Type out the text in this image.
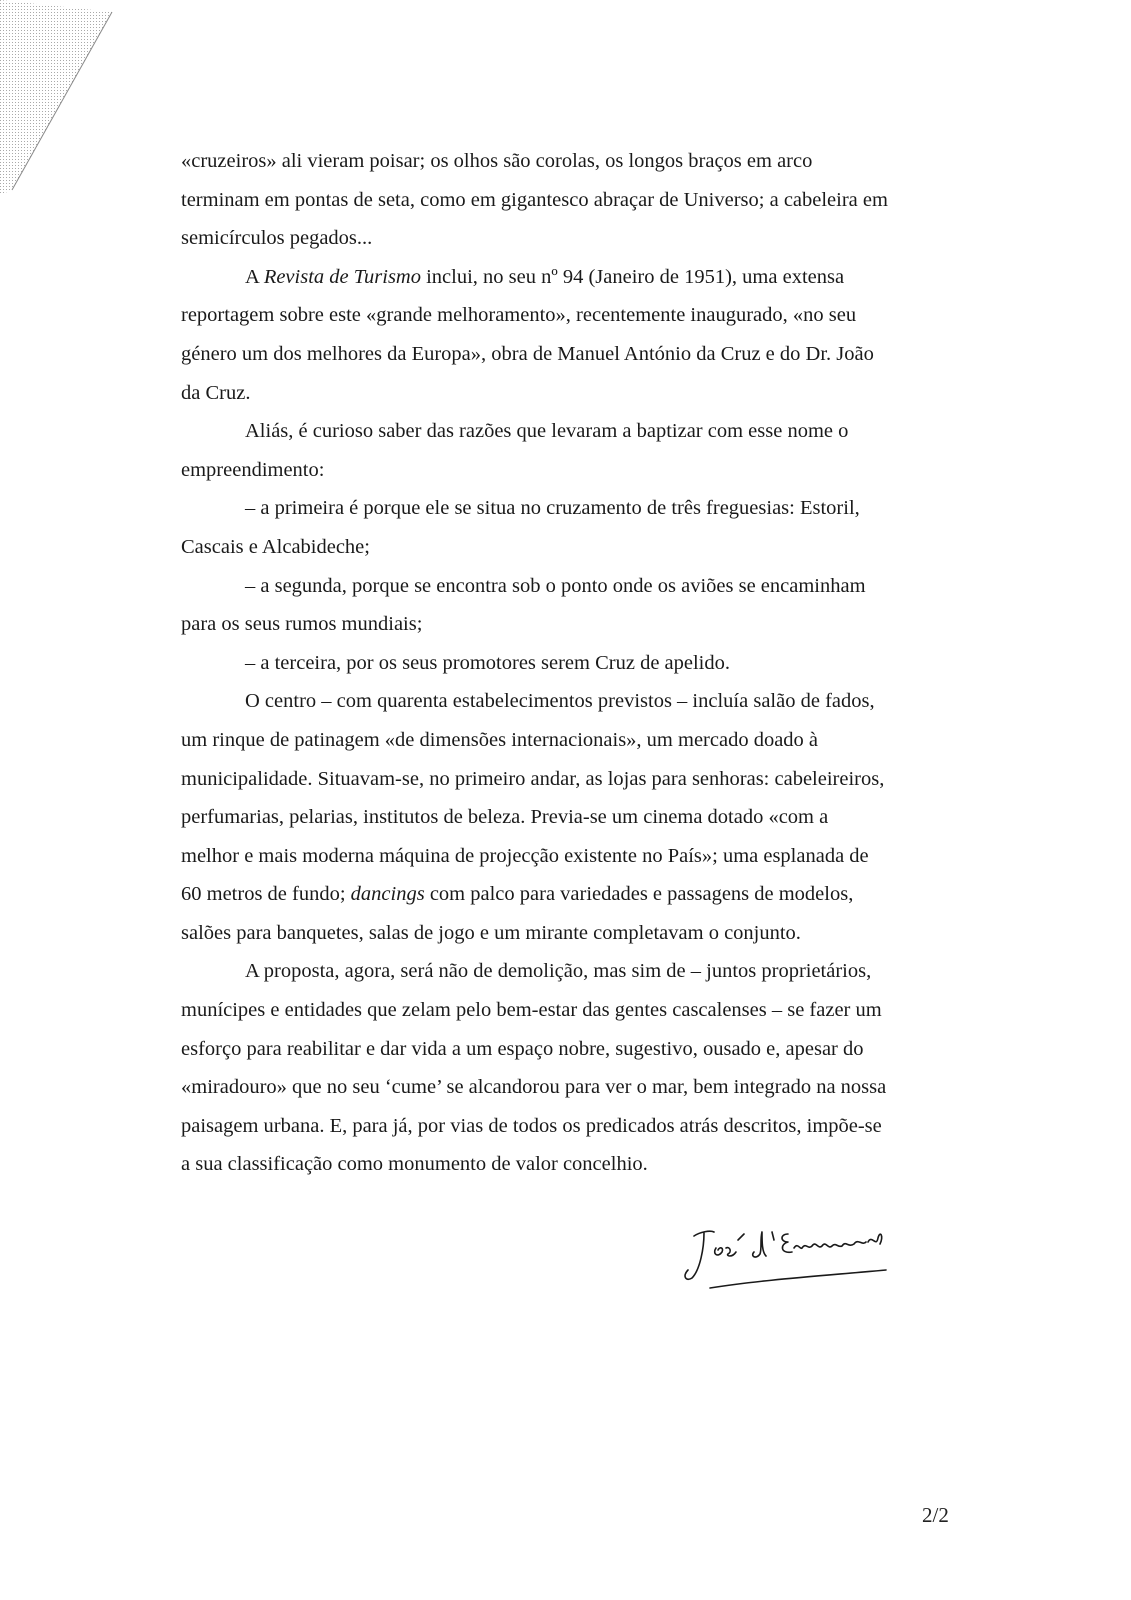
«cruzeiros» ali vieram poisar; os olhos são corolas, os longos braços em arco
terminam em pontas de seta, como em gigantesco abraçar de Universo; a cabeleira em
semicírculos pegados...

A Revista de Turismo inclui, no seu nº 94 (Janeiro de 1951), uma extensa
reportagem sobre este «grande melhoramento», recentemente inaugurado, «no seu
género um dos melhores da Europa», obra de Manuel António da Cruz e do Dr. João
da Cruz.

Aliás, é curioso saber das razões que levaram a baptizar com esse nome o
empreendimento:

– a primeira é porque ele se situa no cruzamento de três freguesias: Estoril,
Cascais e Alcabideche;

– a segunda, porque se encontra sob o ponto onde os aviões se encaminham
para os seus rumos mundiais;

– a terceira, por os seus promotores serem Cruz de apelido.

O centro – com quarenta estabelecimentos previstos – incluía salão de fados,
um rinque de patinagem «de dimensões internacionais», um mercado doado à
municipalidade. Situavam-se, no primeiro andar, as lojas para senhoras: cabeleireiros,
perfumarias, pelarias, institutos de beleza. Previa-se um cinema dotado «com a
melhor e mais moderna máquina de projecção existente no País»; uma esplanada de
60 metros de fundo; dancings com palco para variedades e passagens de modelos,
salões para banquetes, salas de jogo e um mirante completavam o conjunto.

A proposta, agora, será não de demolição, mas sim de – juntos proprietários,
munícipes e entidades que zelam pelo bem-estar das gentes cascalenses – se fazer um
esforço para reabilitar e dar vida a um espaço nobre, sugestivo, ousado e, apesar do
«miradouro» que no seu ‘cume’ se alcandorou para ver o mar, bem integrado na nossa
paisagem urbana. E, para já, por vias de todos os predicados atrás descritos, impõe-se
a sua classificação como monumento de valor concelhio.

2/2
